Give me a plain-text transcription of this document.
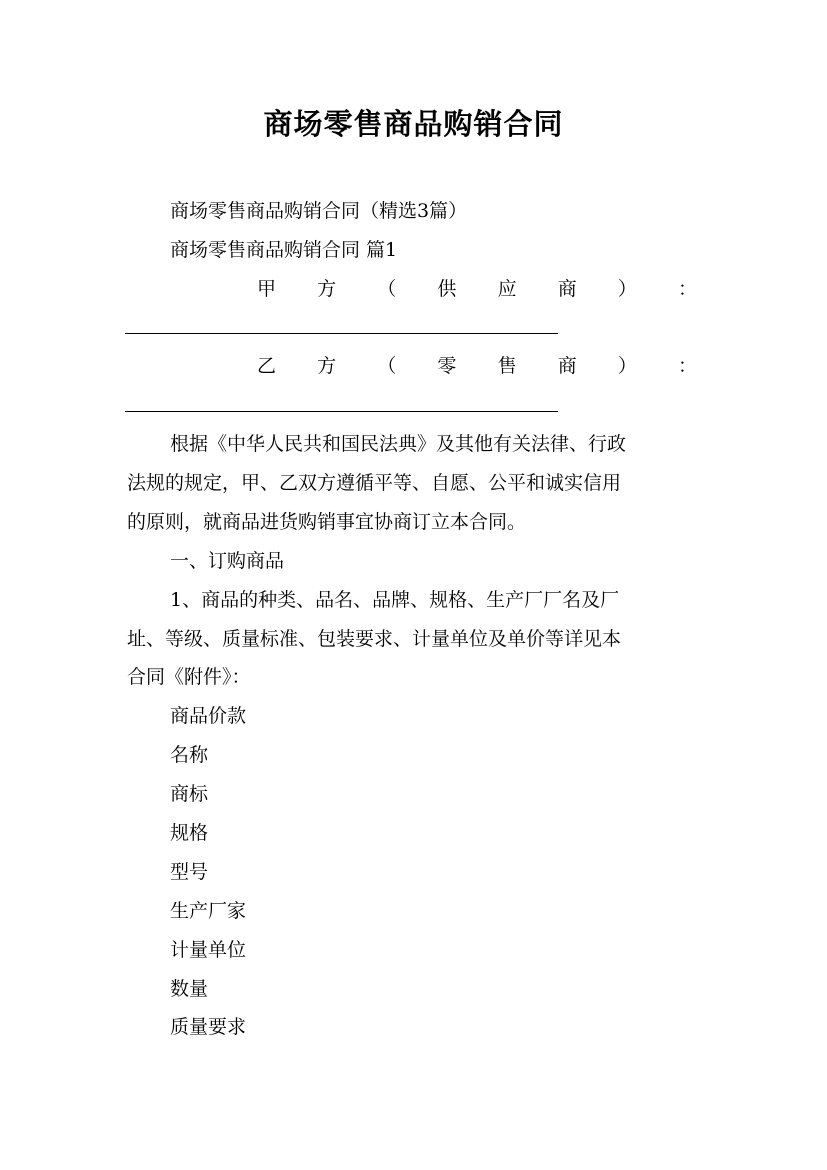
商场零售商品购销合同
商场零售商品购销合同（精选3篇）
商场零售商品购销合同 篇1
甲 方 （ 供 应 商 ） ：
乙 方 （ 零 售 商 ） ：
根据《中华人民共和国民法典》及其他有关法律、行政
法规的规定，甲、乙双方遵循平等、自愿、公平和诚实信用
的原则，就商品进货购销事宜协商订立本合同。
一、订购商品
1、商品的种类、品名、品牌、规格、生产厂厂名及厂
址、等级、质量标准、包装要求、计量单位及单价等详见本
合同《附件》：
商品价款
名称
商标
规格
型号
生产厂家
计量单位
数量
质量要求
